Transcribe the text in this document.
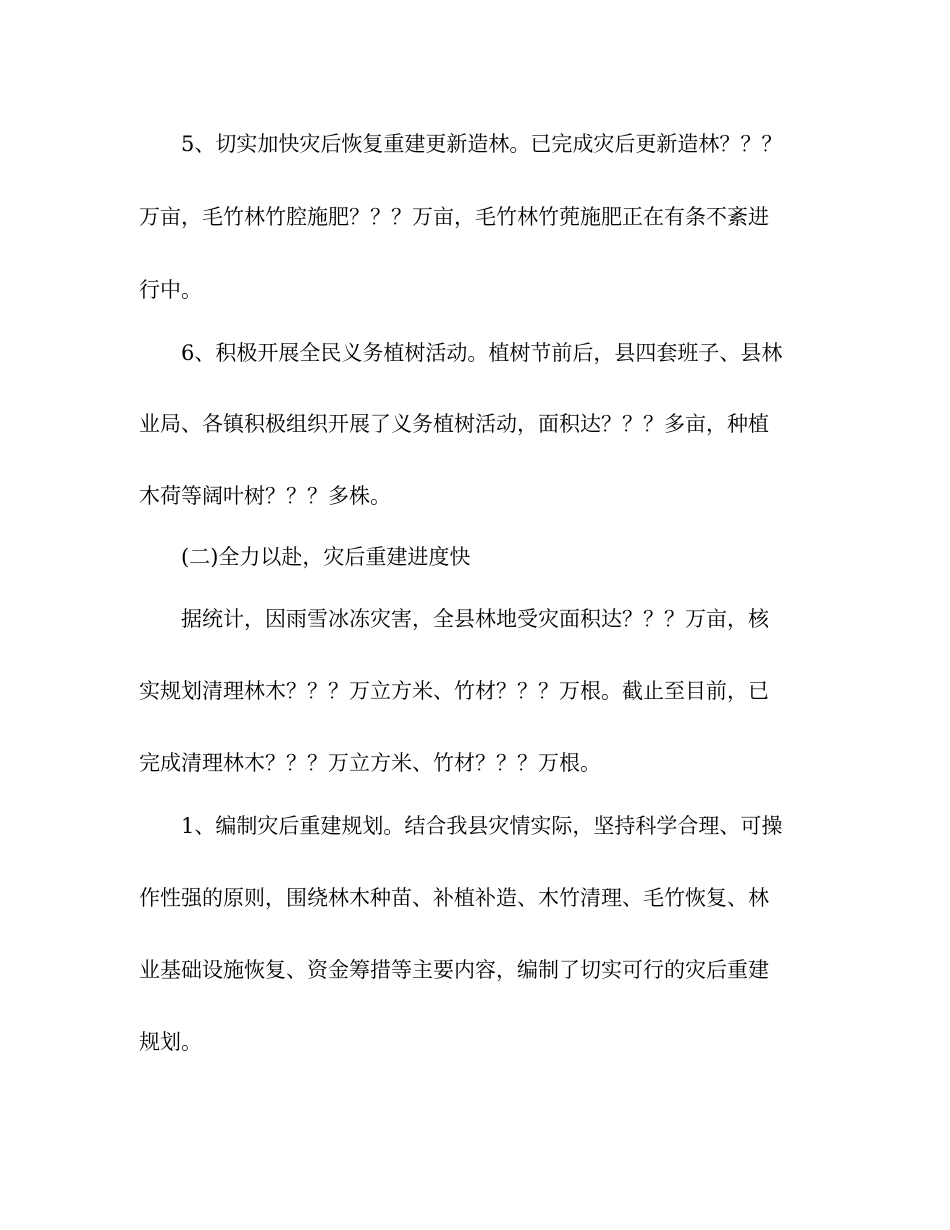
5、切实加快灾后恢复重建更新造林。已完成灾后更新造林？？？
万亩，毛竹林竹腔施肥？？？万亩，毛竹林竹蔸施肥正在有条不紊进
行中。
6、积极开展全民义务植树活动。植树节前后，县四套班子、县林
业局、各镇积极组织开展了义务植树活动，面积达？？？多亩，种植
木荷等阔叶树？？？多株。
(二)全力以赴，灾后重建进度快
据统计，因雨雪冰冻灾害，全县林地受灾面积达？？？万亩，核
实规划清理林木？？？万立方米、竹材？？？万根。截止至目前，已
完成清理林木？？？万立方米、竹材？？？万根。
1、编制灾后重建规划。结合我县灾情实际，坚持科学合理、可操
作性强的原则，围绕林木种苗、补植补造、木竹清理、毛竹恢复、林
业基础设施恢复、资金筹措等主要内容，编制了切实可行的灾后重建
规划。
